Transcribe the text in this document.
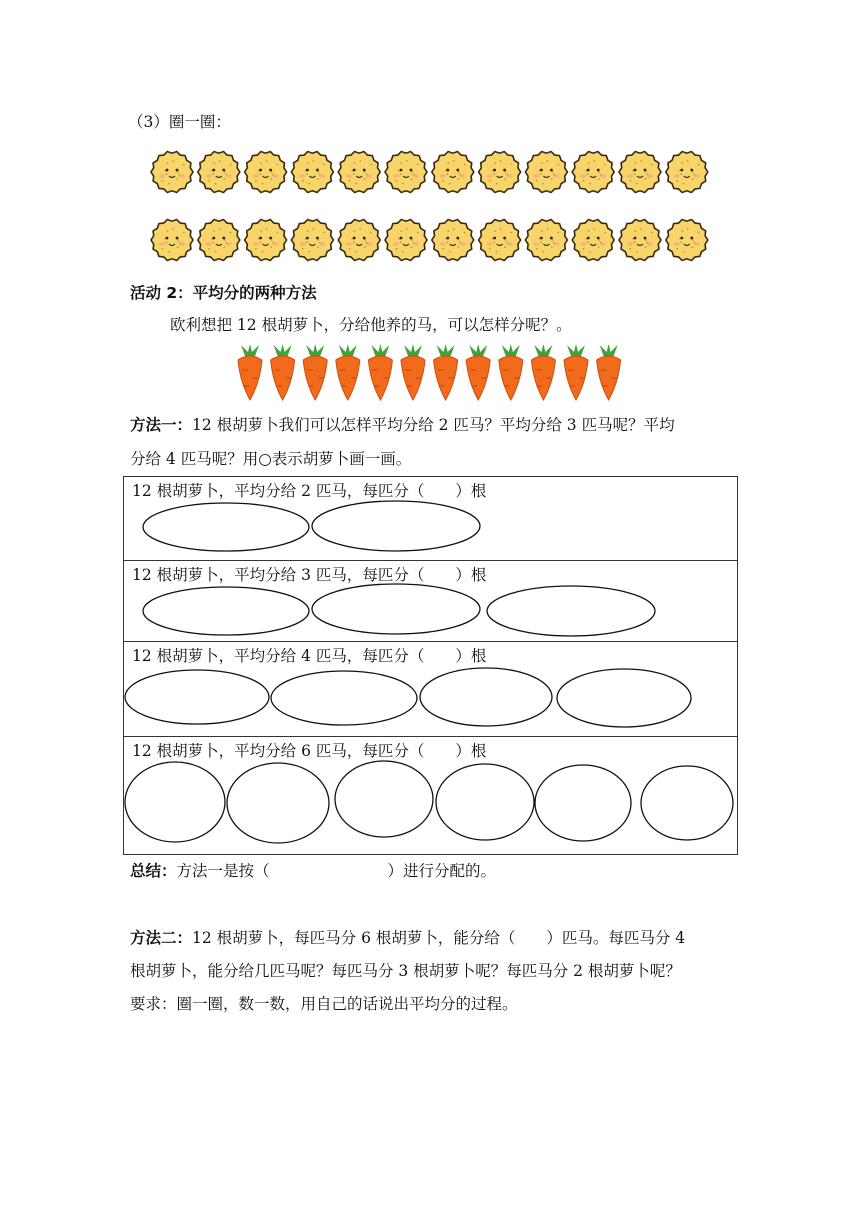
（3）圈一圈：
活动 2：平均分的两种方法
欧利想把 12 根胡萝卜，分给他养的马，可以怎样分呢？。
方法一：12 根胡萝卜我们可以怎样平均分给 2 匹马？平均分给 3 匹马呢？平均
分给 4 匹马呢？用○表示胡萝卜画一画。
12 根胡萝卜，平均分给 2 匹马，每匹分（　　）根

12 根胡萝卜，平均分给 3 匹马，每匹分（　　）根

12 根胡萝卜，平均分给 4 匹马，每匹分（　　）根

12 根胡萝卜，平均分给 6 匹马，每匹分（　　）根
总结：方法一是按（	）进行分配的。
方法二：12 根胡萝卜，每匹马分 6 根胡萝卜，能分给（　　）匹马。每匹马分 4
根胡萝卜，能分给几匹马呢？每匹马分 3 根胡萝卜呢？每匹马分 2 根胡萝卜呢？
要求：圈一圈，数一数，用自己的话说出平均分的过程。
